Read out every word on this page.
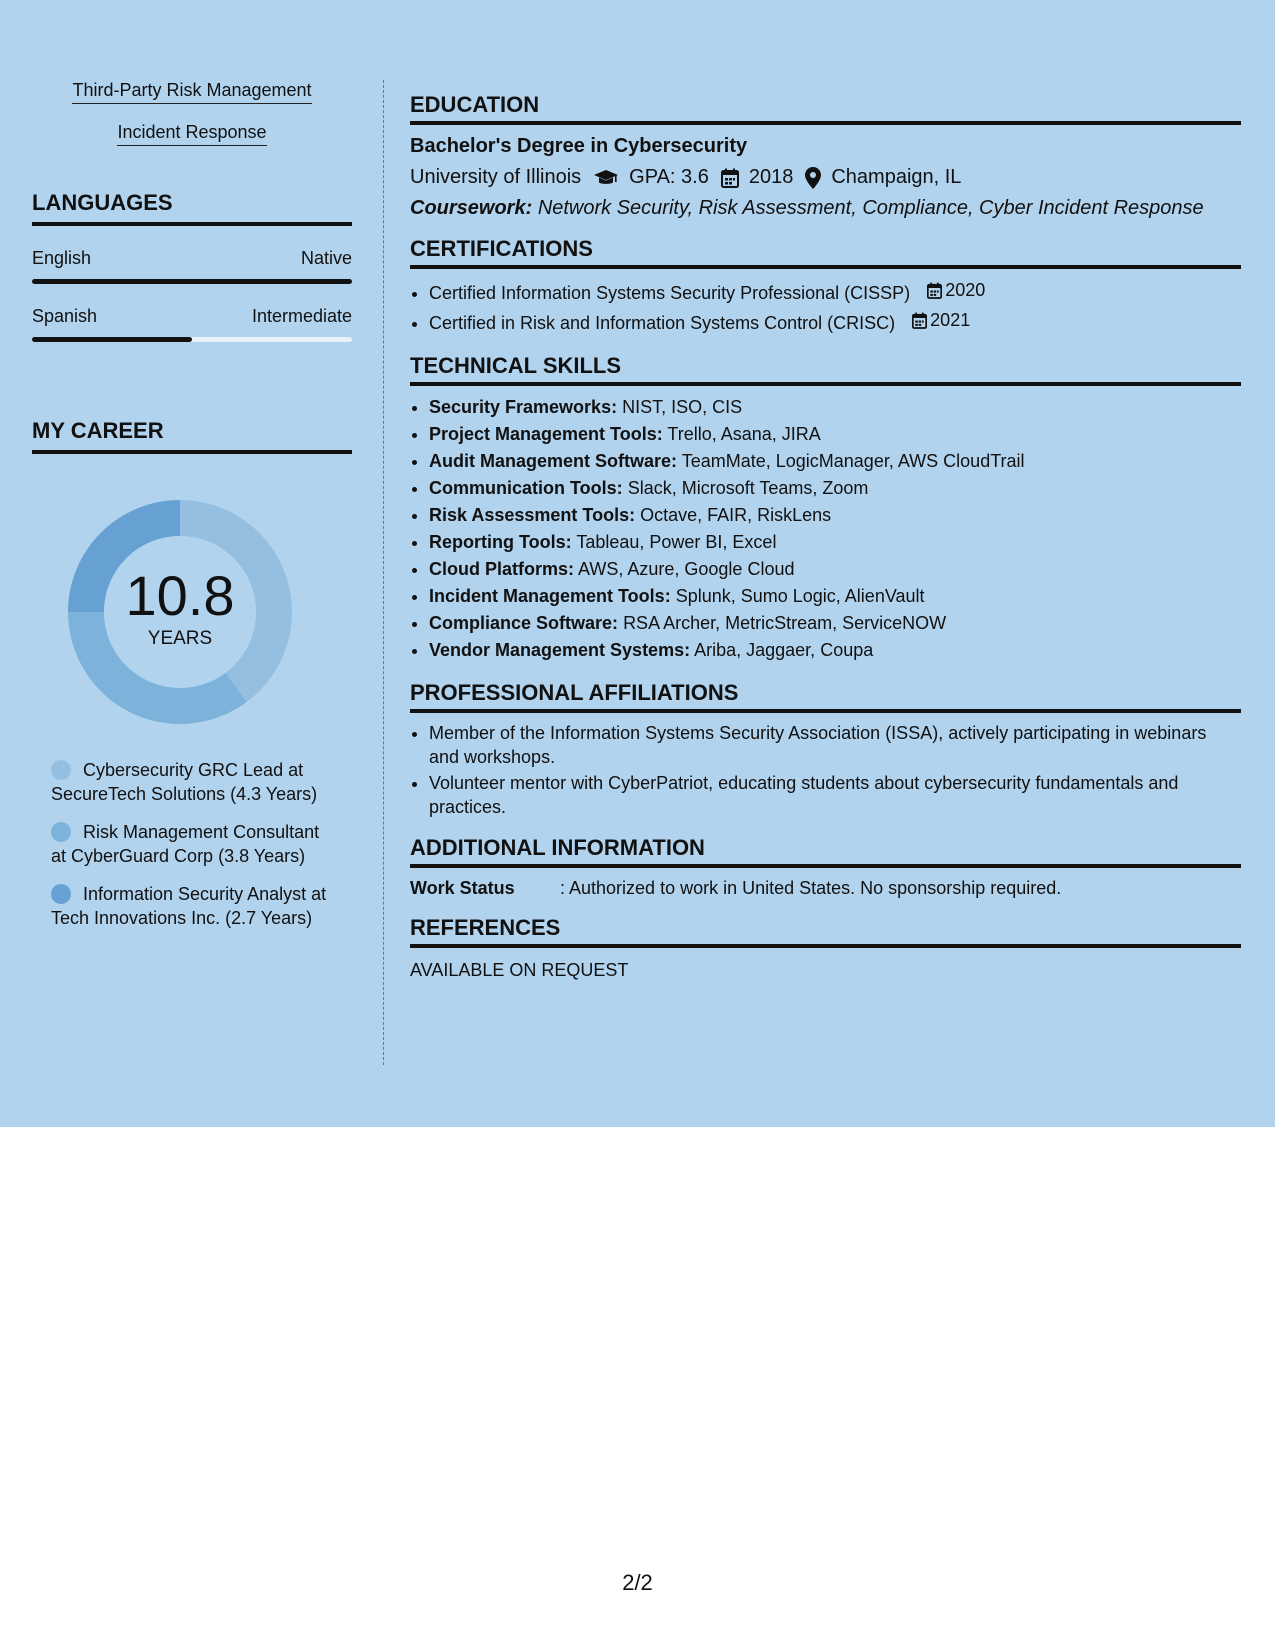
Third-Party Risk Management
Incident Response
LANGUAGES
English	Native
Spanish	Intermediate
MY CAREER
10.8
YEARS
Cybersecurity GRC Lead at SecureTech Solutions (4.3 Years)
Risk Management Consultant at CyberGuard Corp (3.8 Years)
Information Security Analyst at Tech Innovations Inc. (2.7 Years)
EDUCATION
Bachelor's Degree in Cybersecurity
University of Illinois GPA: 3.6 2018 Champaign, IL
Coursework: Network Security, Risk Assessment, Compliance, Cyber Incident Response
CERTIFICATIONS
• Certified Information Systems Security Professional (CISSP) 2020
• Certified in Risk and Information Systems Control (CRISC) 2021
TECHNICAL SKILLS
• Security Frameworks: NIST, ISO, CIS
• Project Management Tools: Trello, Asana, JIRA
• Audit Management Software: TeamMate, LogicManager, AWS CloudTrail
• Communication Tools: Slack, Microsoft Teams, Zoom
• Risk Assessment Tools: Octave, FAIR, RiskLens
• Reporting Tools: Tableau, Power BI, Excel
• Cloud Platforms: AWS, Azure, Google Cloud
• Incident Management Tools: Splunk, Sumo Logic, AlienVault
• Compliance Software: RSA Archer, MetricStream, ServiceNOW
• Vendor Management Systems: Ariba, Jaggaer, Coupa
PROFESSIONAL AFFILIATIONS
• Member of the Information Systems Security Association (ISSA), actively participating in webinars and workshops.
• Volunteer mentor with CyberPatriot, educating students about cybersecurity fundamentals and practices.
ADDITIONAL INFORMATION
Work Status	: Authorized to work in United States. No sponsorship required.
REFERENCES
AVAILABLE ON REQUEST
2/2
